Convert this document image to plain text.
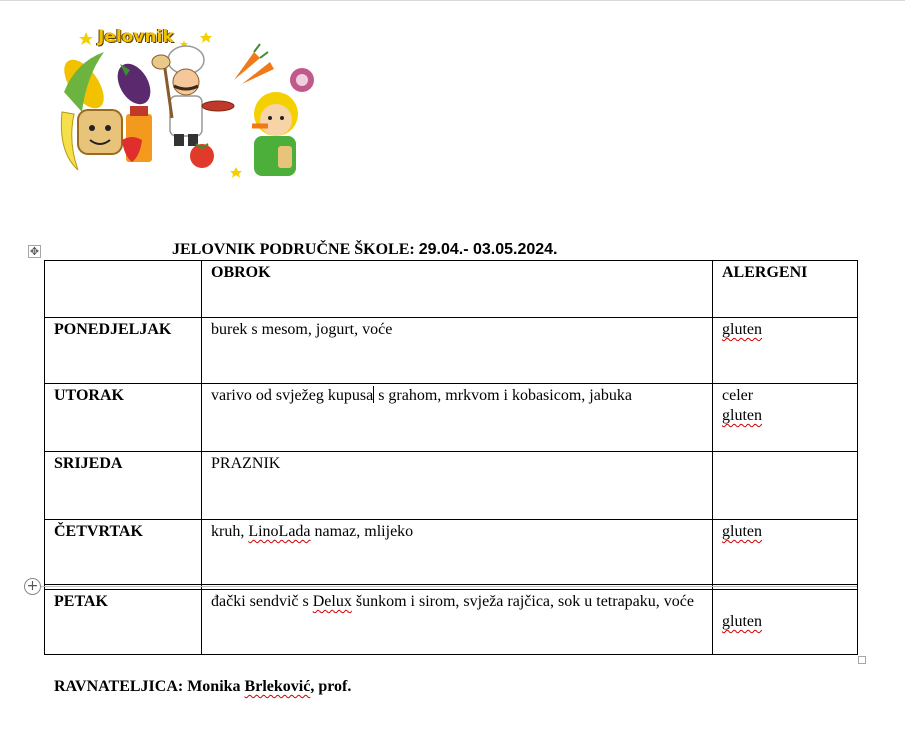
Jelovnik
✥	JELOVNIK PODRUČNE ŠKOLE: 29.04.- 03.05.2024.
	OBROK	ALERGENI
PONEDJELJAK	burek s mesom, jogurt, voće	gluten
UTORAK	varivo od svježeg kupusa s grahom, mrkvom i kobasicom, jabuka	celer
gluten

SRIJEDA	PRAZNIK	
ČETVRTAK	kruh, LinoLada namaz, mlijeko	gluten

PETAK	đački sendvič s Delux šunkom i sirom, svježa rajčica, sok u tetrapaku, voće	gluten
+
RAVNATELJICA: Monika Brleković, prof.
